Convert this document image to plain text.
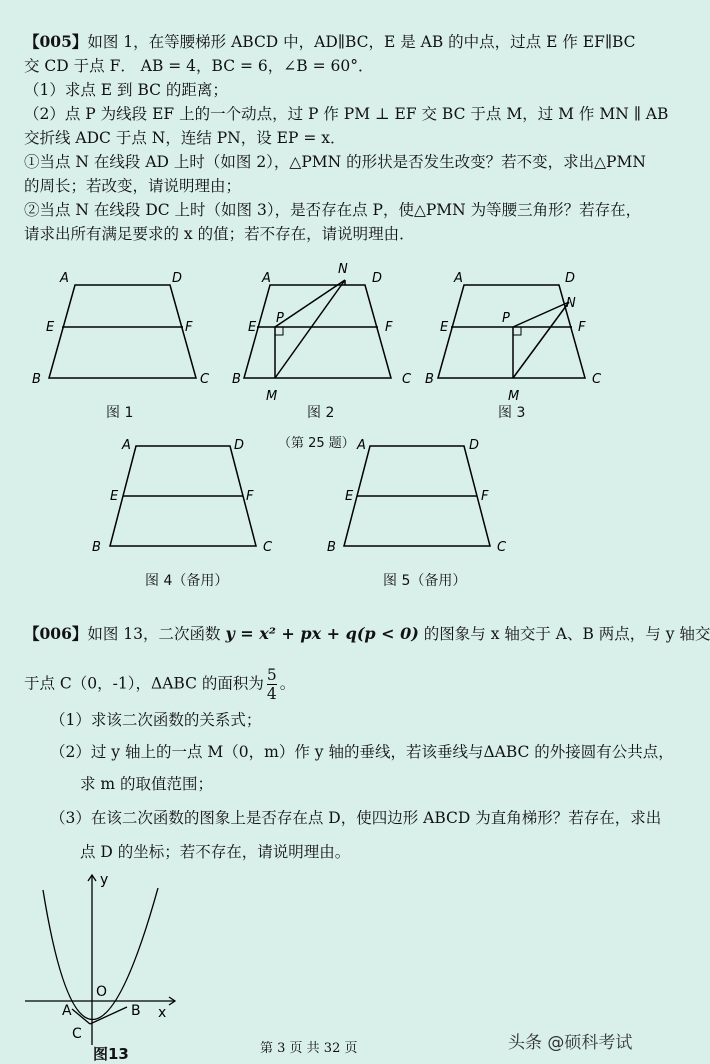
【005】如图 1，在等腰梯形 ABCD 中，AD∥BC，E 是 AB 的中点，过点 E 作 EF∥BC
交 CD 于点 F． AB = 4，BC = 6，∠B = 60°．
（1）求点 E 到 BC 的距离；
（2）点 P 为线段 EF 上的一个动点，过 P 作 PM ⊥ EF 交 BC 于点 M，过 M 作 MN ∥ AB
交折线 ADC 于点 N，连结 PN，设 EP = x．
①当点 N 在线段 AD 上时（如图 2），△PMN 的形状是否发生改变？若不变，求出△PMN
的周长；若改变，请说明理由；
②当点 N 在线段 DC 上时（如图 3），是否存在点 P，使△PMN 为等腰三角形？若存在，
请求出所有满足要求的 x 的值；若不存在，请说明理由．
A	D
E	F
B	C
A
N
D
E
P
F
B
M
C
A	D
N
E
P
F
B
M
C
A	D
E	F
B	C
A	D
E	F
B	C
图 1	图 2	图 3
（第 25 题）
图 4（备用）	图 5（备用）
【006】如图 13，二次函数 y = x² + px + q(p < 0) 的图象与 x 轴交于 A、B 两点，与 y 轴交
于点 C（0，-1），ΔABC 的面积为 $\frac{5}{4}$ 。
（1）求该二次函数的关系式；
（2）过 y 轴上的一点 M（0，m）作 y 轴的垂线，若该垂线与ΔABC 的外接圆有公共点，
求 m 的取值范围；
（3）在该二次函数的图象上是否存在点 D，使四边形 ABCD 为直角梯形？若存在，求出
点 D 的坐标；若不存在，请说明理由。
y
x
O
A	B
C
图13	第 3 页 共 32 页	头条 @硕科考试
